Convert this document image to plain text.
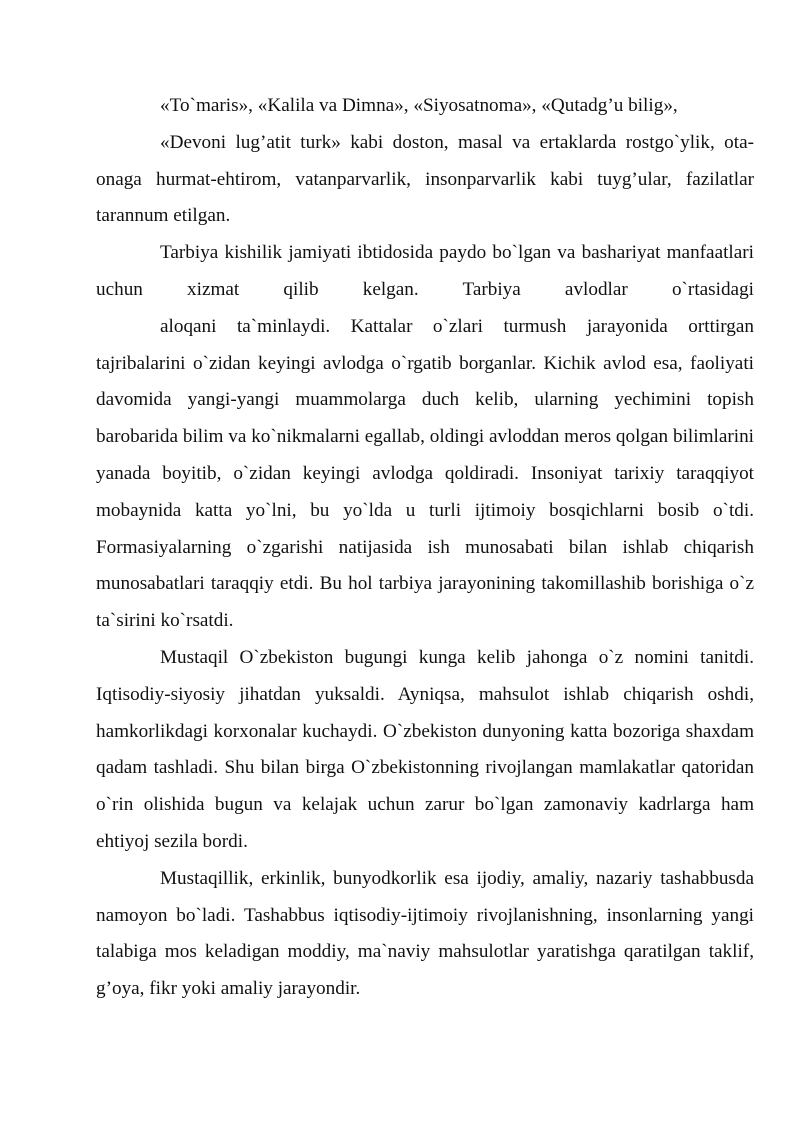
«To`maris», «Kalila va Dimna», «Siyosatnoma», «Qutadg’u bilig»,

«Devoni lug’atit turk» kabi doston, masal va ertaklarda rostgo`ylik, ota-onaga hurmat-ehtirom, vatanparvarlik, insonparvarlik kabi tuyg’ular, fazilatlar tarannum etilgan.

Tarbiya kishilik jamiyati ibtidosida paydo bo`lgan va bashariyat manfaatlari uchun xizmat qilib kelgan. Tarbiya avlodlar o`rtasidagi

aloqani ta`minlaydi. Kattalar o`zlari turmush jarayonida orttirgan tajribalarini o`zidan keyingi avlodga o`rgatib borganlar. Kichik avlod esa, faoliyati davomida yangi-yangi muammolarga duch kelib, ularning yechimini topish barobarida bilim va ko`nikmalarni egallab, oldingi avloddan meros qolgan bilimlarini yanada boyitib, o`zidan keyingi avlodga qoldiradi. Insoniyat tarixiy taraqqiyot mobaynida katta yo`lni, bu yo`lda u turli ijtimoiy bosqichlarni bosib o`tdi. Formasiyalarning o`zgarishi natijasida ish munosabati bilan ishlab chiqarish munosabatlari taraqqiy etdi. Bu hol tarbiya jarayonining takomillashib borishiga o`z ta`sirini ko`rsatdi.

Mustaqil O`zbekiston bugungi kunga kelib jahonga o`z nomini tanitdi. Iqtisodiy-siyosiy jihatdan yuksaldi. Ayniqsa, mahsulot ishlab chiqarish oshdi, hamkorlikdagi korxonalar kuchaydi. O`zbekiston dunyoning katta bozoriga shaxdam qadam tashladi. Shu bilan birga O`zbekistonning rivojlangan mamlakatlar qatoridan o`rin olishida bugun va kelajak uchun zarur bo`lgan zamonaviy kadrlarga ham ehtiyoj sezila bordi.

Mustaqillik, erkinlik, bunyodkorlik esa ijodiy, amaliy, nazariy tashabbusda namoyon bo`ladi. Tashabbus iqtisodiy-ijtimoiy rivojlanishning, insonlarning yangi talabiga mos keladigan moddiy, ma`naviy mahsulotlar yaratishga qaratilgan taklif, g’oya, fikr yoki amaliy jarayondir.
